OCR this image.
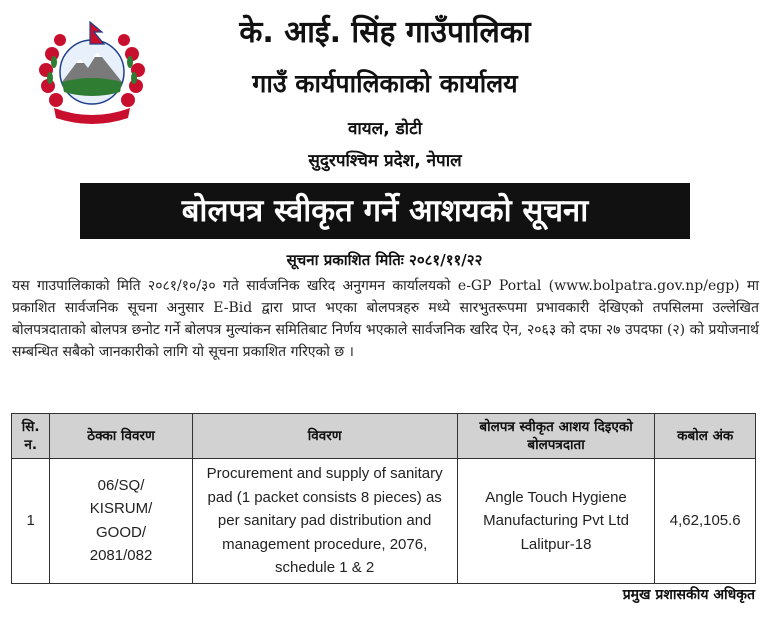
के. आई. सिंह गाउँपालिका
गाउँ कार्यपालिकाको कार्यालय
वायल, डोटी
सुदुरपश्चिम प्रदेश, नेपाल
बोलपत्र स्वीकृत गर्ने आशयको सूचना
सूचना प्रकाशित मितिः २०८१/११/२२
यस गाउपालिकाको मिति २०८१/१०/३० गते सार्वजनिक खरिद अनुगमन कार्यालयको e-GP Portal (www.bolpatra.gov.np/egp) मा प्रकाशित सार्वजनिक सूचना अनुसार E-Bid द्वारा प्राप्त भएका बोलपत्रहरु मध्ये सारभुतरूपमा प्रभावकारी देखिएको तपसिलमा उल्लेखित बोलपत्रदाताको बोलपत्र छनोट गर्ने बोलपत्र मुल्यांकन समितिबाट निर्णय भएकाले सार्वजनिक खरिद ऐन, २०६३ को दफा २७ उपदफा (२) को प्रयोजनार्थ सम्बन्धित सबैको जानकारीको लागि यो सूचना प्रकाशित गरिएको छ ।
सि. न.	ठेक्का विवरण	विवरण	बोलपत्र स्वीकृत आशय दिइएको बोलपत्रदाता	कबोल अंक
1	06/SQ/ KISRUM/ GOOD/ 2081/082	Procurement and supply of sanitary pad (1 packet consists 8 pieces) as per sanitary pad distribution and management procedure, 2076, schedule 1 & 2	Angle Touch Hygiene Manufacturing Pvt Ltd Lalitpur-18	4,62,105.6
प्रमुख प्रशासकीय अधिकृत
